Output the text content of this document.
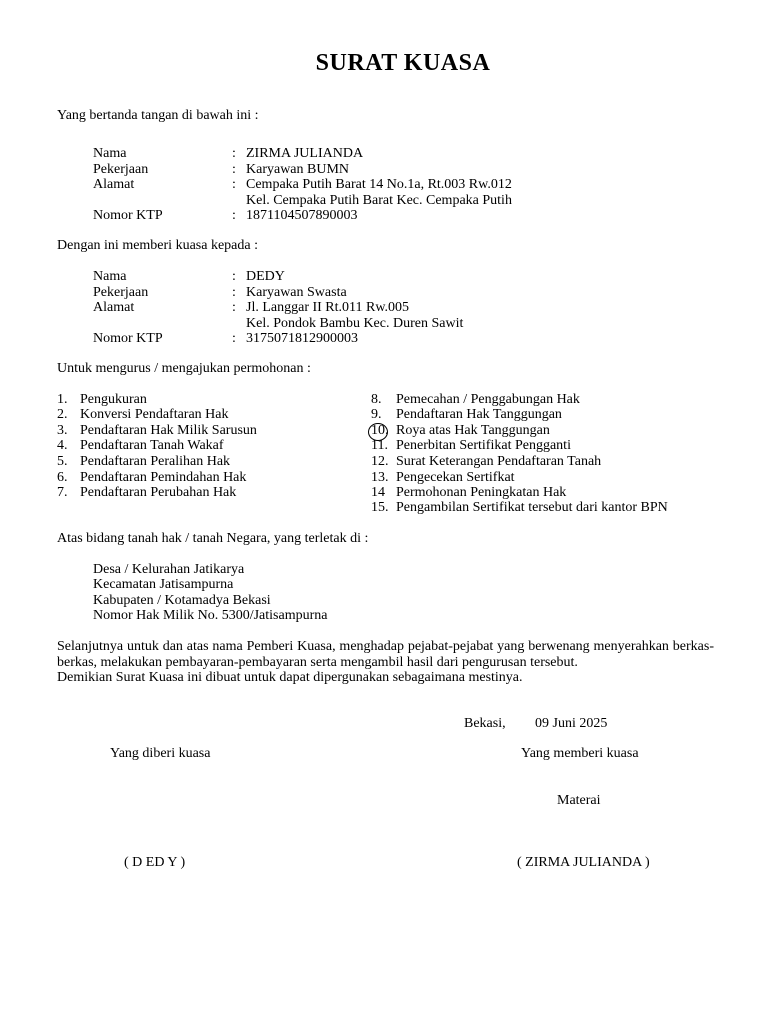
SURAT KUASA
Yang bertanda tangan di bawah ini :
Nama	: ZIRMA JULIANDA
Pekerjaan	: Karyawan BUMN
Alamat	: Cempaka Putih Barat 14 No.1a, Rt.003 Rw.012
Kel. Cempaka Putih Barat Kec. Cempaka Putih
Nomor KTP	: 1871104507890003
Dengan ini memberi kuasa kepada :
Nama	: DEDY
Pekerjaan	: Karyawan Swasta
Alamat	: Jl. Langgar II Rt.011 Rw.005
Kel. Pondok Bambu Kec. Duren Sawit
Nomor KTP	: 3175071812900003
Untuk mengurus / mengajukan permohonan :
1. Pengukuran
2. Konversi Pendaftaran Hak
3. Pendaftaran Hak Milik Sarusun
4. Pendaftaran Tanah Wakaf
5. Pendaftaran Peralihan Hak
6. Pendaftaran Pemindahan Hak
7. Pendaftaran Perubahan Hak
8. Pemecahan / Penggabungan Hak
9. Pendaftaran Hak Tanggungan
10. Roya atas Hak Tanggungan
11. Penerbitan Sertifikat Pengganti
12. Surat Keterangan Pendaftaran Tanah
13. Pengecekan Sertifkat
14 Permohonan Peningkatan Hak
15. Pengambilan Sertifikat tersebut dari kantor BPN
Atas bidang tanah hak / tanah Negara, yang terletak di :
Desa / Kelurahan Jatikarya
Kecamatan Jatisampurna
Kabupaten / Kotamadya Bekasi
Nomor Hak Milik No. 5300/Jatisampurna
Selanjutnya untuk dan atas nama Pemberi Kuasa, menghadap pejabat-pejabat yang berwenang menyerahkan berkas-berkas, melakukan pembayaran-pembayaran serta mengambil hasil dari pengurusan tersebut.
Demikian Surat Kuasa ini dibuat untuk dapat dipergunakan sebagaimana mestinya.
Bekasi, 09 Juni 2025
Yang diberi kuasa	Yang memberi kuasa
Materai
( D ED Y )	( ZIRMA JULIANDA )
